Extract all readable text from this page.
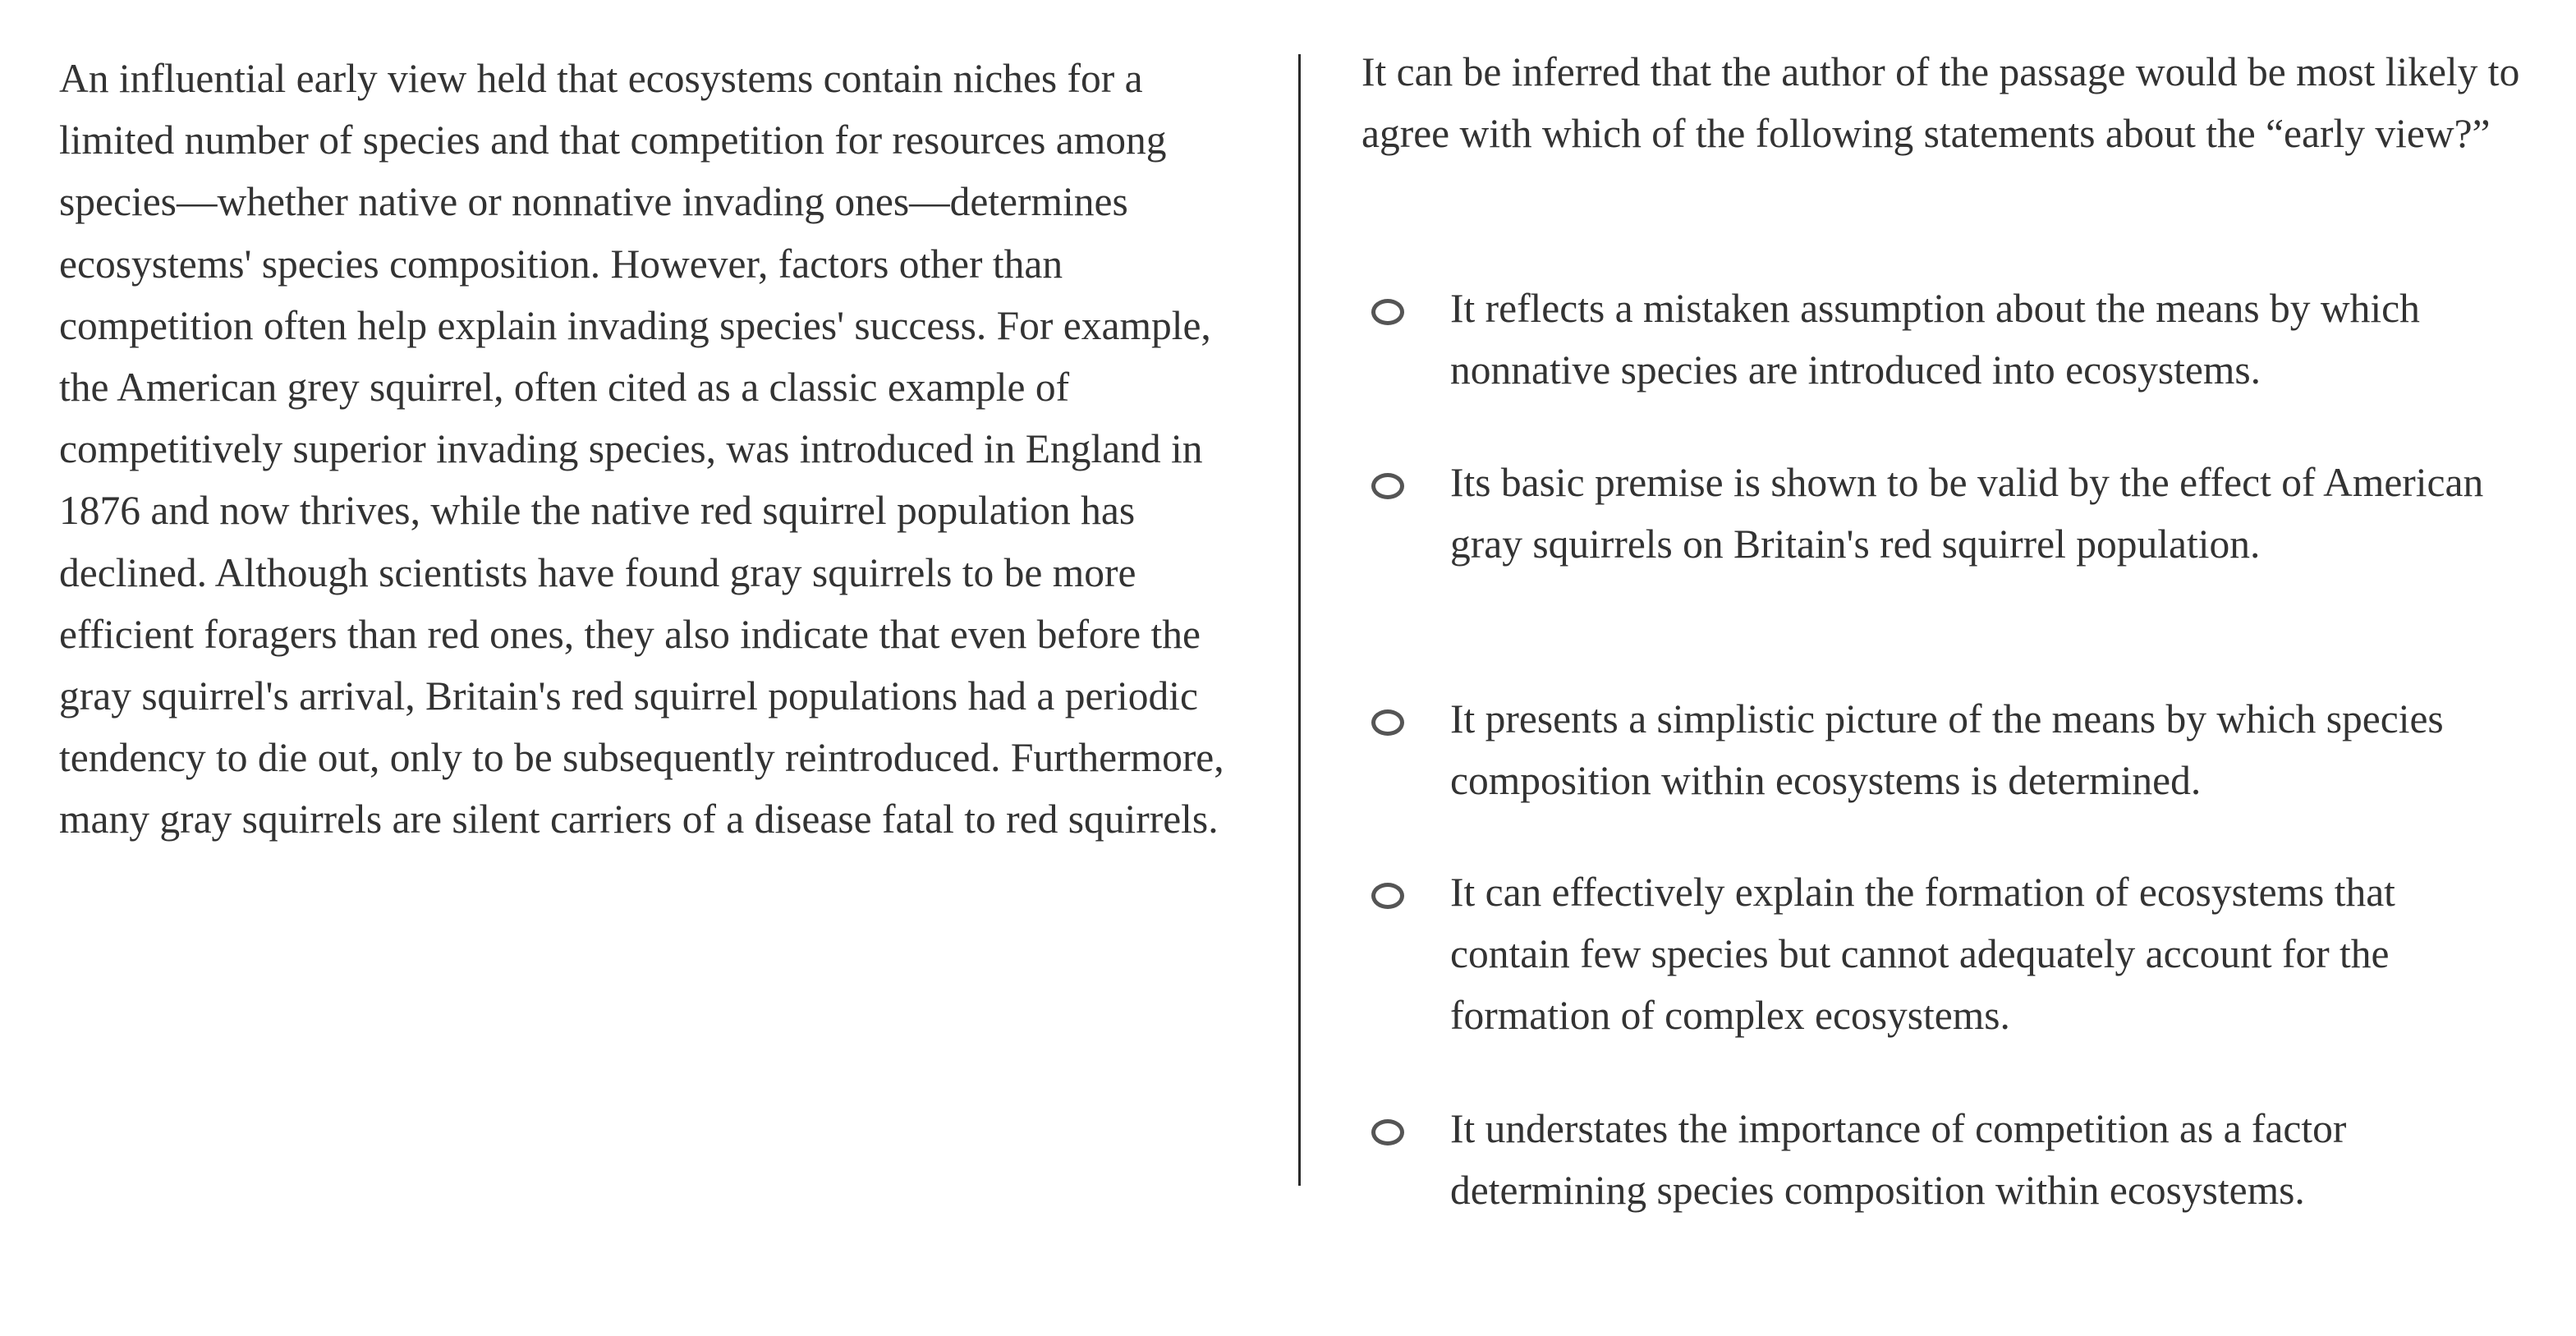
An influential early view held that ecosystems contain niches for a limited number of species and that competition for resources among species—whether native or nonnative invading ones—determines ecosystems' species composition. However, factors other than competition often help explain invading species' success. For example, the American grey squirrel, often cited as a classic example of competitively superior invading species, was introduced in England in 1876 and now thrives, while the native red squirrel population has declined. Although scientists have found gray squirrels to be more efficient foragers than red ones, they also indicate that even before the gray squirrel's arrival, Britain's red squirrel populations had a periodic tendency to die out, only to be subsequently reintroduced. Furthermore, many gray squirrels are silent carriers of a disease fatal to red squirrels.

It can be inferred that the author of the passage would be most likely to agree with which of the following statements about the “early view?”

It reflects a mistaken assumption about the means by which nonnative species are introduced into ecosystems.

Its basic premise is shown to be valid by the effect of American gray squirrels on Britain's red squirrel population.

It presents a simplistic picture of the means by which species composition within ecosystems is determined.

It can effectively explain the formation of ecosystems that contain few species but cannot adequately account for the formation of complex ecosystems.

It understates the importance of competition as a factor determining species composition within ecosystems.
